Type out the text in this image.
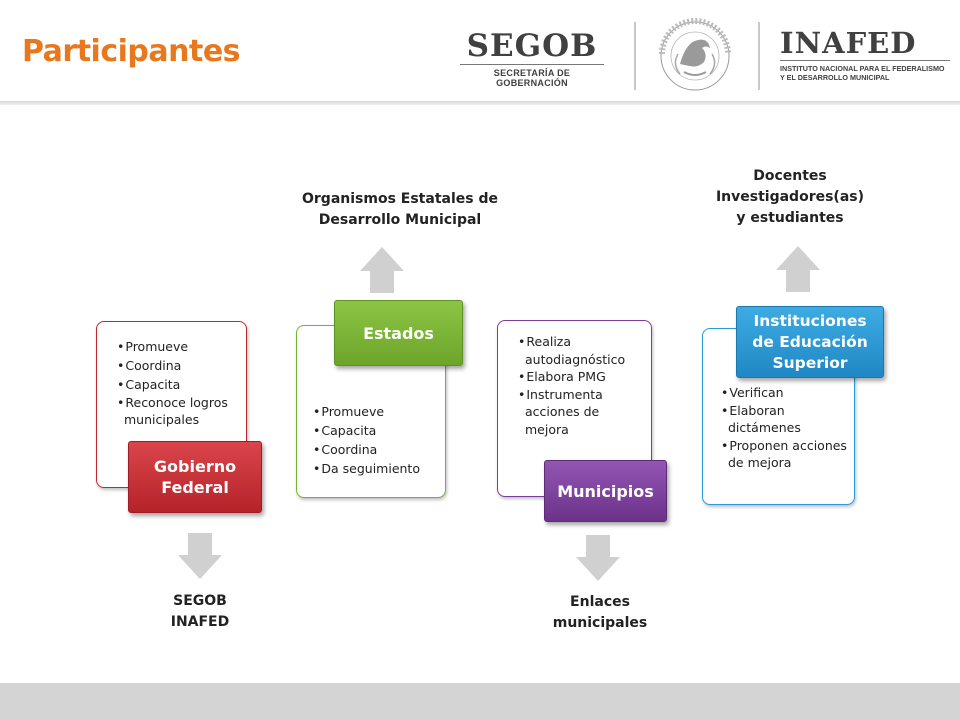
Participantes	SEGOB
SECRETARÍA DE GOBERNACIÓN
INAFED
INSTITUTO NACIONAL PARA EL FEDERALISMO Y EL DESARROLLO MUNICIPAL
• Promueve
• Coordina
• Capacita
• Reconoce logros municipales
Gobierno Federal
SEGOB
INAFED
Organismos Estatales de
Desarrollo Municipal
• Promueve
• Capacita
• Coordina
• Da seguimiento
Estados
•	Realiza autodiagnóstico
• Elabora PMG
• Instrumenta acciones de mejora
Municipios
Enlaces
municipales
Docentes
Investigadores(as)
y estudiantes
• Verifican
• Elaboran dictámenes
• Proponen acciones de mejora
Instituciones de Educación Superior
